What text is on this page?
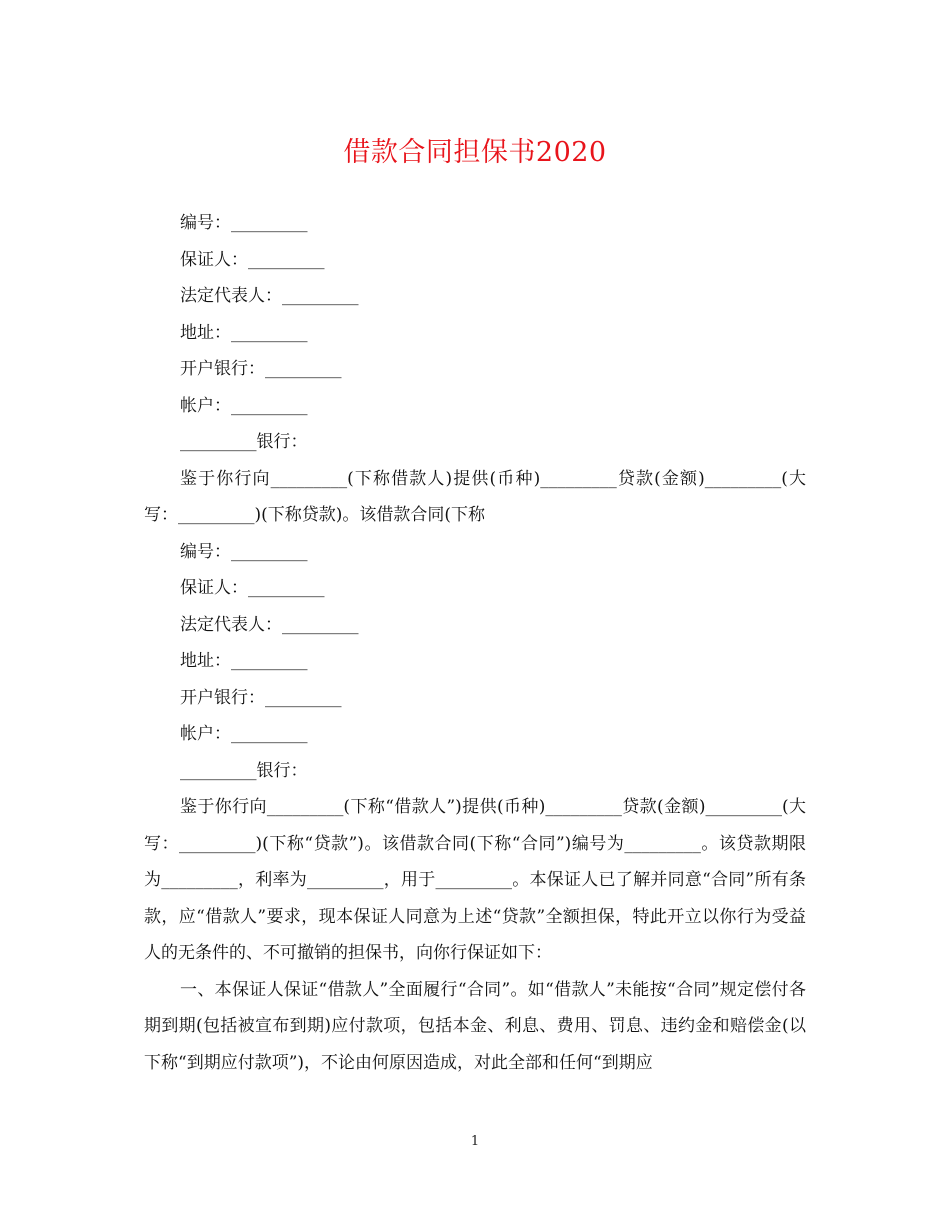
借款合同担保书2020
编号：_________
保证人：_________
法定代表人：_________
地址：_________
开户银行：_________
帐户：_________
_________银行：

鉴于你行向_________(下称借款人)提供(币种)_________贷款(金额)_________(大写：_________)(下称贷款)。该借款合同(下称

编号：_________
保证人：_________
法定代表人：_________
地址：_________
开户银行：_________
帐户：_________
_________银行：

鉴于你行向_________(下称“借款人”)提供(币种)_________贷款(金额)_________(大写：_________)(下称“贷款”)。该借款合同(下称“合同”)编号为_________。该贷款期限为_________，利率为_________，用于_________。本保证人已了解并同意“合同”所有条款，应“借款人”要求，现本保证人同意为上述“贷款”全额担保，特此开立以你行为受益人的无条件的、不可撤销的担保书，向你行保证如下：

一、本保证人保证“借款人”全面履行“合同”。如“借款人”未能按“合同”规定偿付各期到期(包括被宣布到期)应付款项，包括本金、利息、费用、罚息、违约金和赔偿金(以下称“到期应付款项”)，不论由何原因造成，对此全部和任何“到期应

1
